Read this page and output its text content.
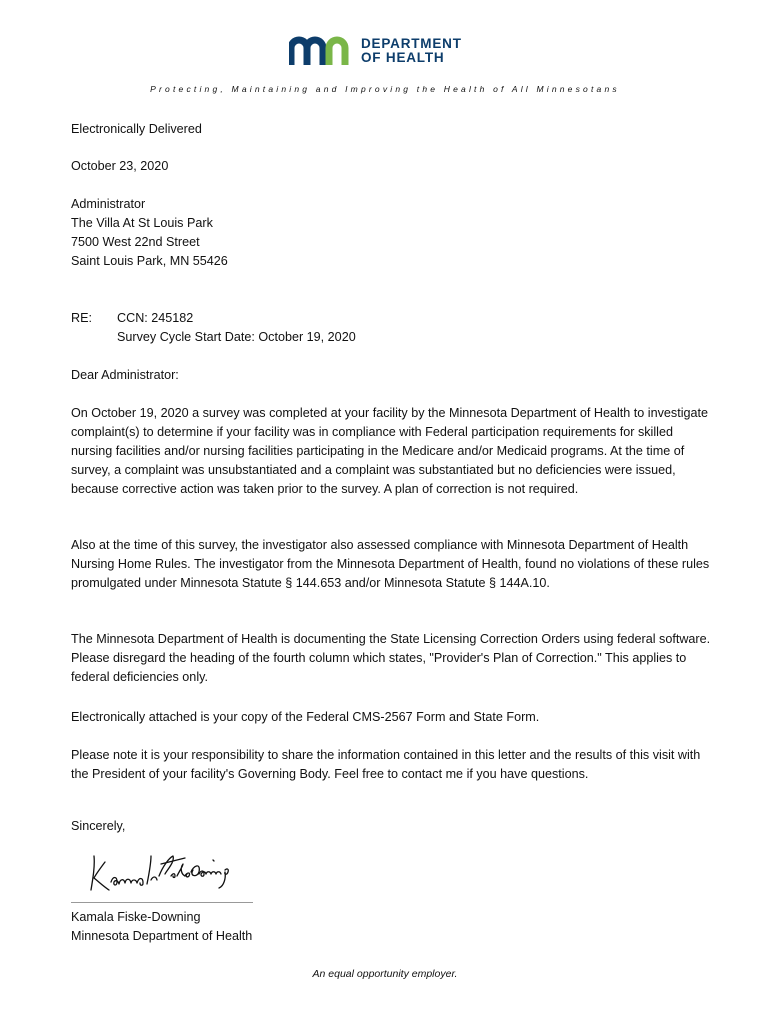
DEPARTMENT
OF HEALTH
Protecting, Maintaining and Improving the Health of All Minnesotans

Electronically Delivered

October 23, 2020

Administrator
The Villa At St Louis Park
7500 West 22nd Street
Saint Louis Park, MN 55426
RE: CCN: 245182
Survey Cycle Start Date: October 19, 2020

Dear Administrator:

On October 19, 2020 a survey was completed at your facility by the Minnesota Department of Health to investigate complaint(s) to determine if your facility was in compliance with Federal participation requirements for skilled nursing facilities and/or nursing facilities participating in the Medicare and/or Medicaid programs. At the time of survey, a complaint was unsubstantiated and a complaint was substantiated but no deficiencies were issued, because corrective action was taken prior to the survey. A plan of correction is not required.

Also at the time of this survey, the investigator also assessed compliance with Minnesota Department of Health Nursing Home Rules. The investigator from the Minnesota Department of Health, found no violations of these rules promulgated under Minnesota Statute § 144.653 and/or Minnesota Statute § 144A.10.

The Minnesota Department of Health is documenting the State Licensing Correction Orders using federal software. Please disregard the heading of the fourth column which states, "Provider's Plan of Correction." This applies to federal deficiencies only.

Electronically attached is your copy of the Federal CMS-2567 Form and State Form.

Please note it is your responsibility to share the information contained in this letter and the results of this visit with the President of your facility's Governing Body. Feel free to contact me if you have questions.

Sincerely,

Kamala Fiske-Downing
Minnesota Department of Health
An equal opportunity employer.
